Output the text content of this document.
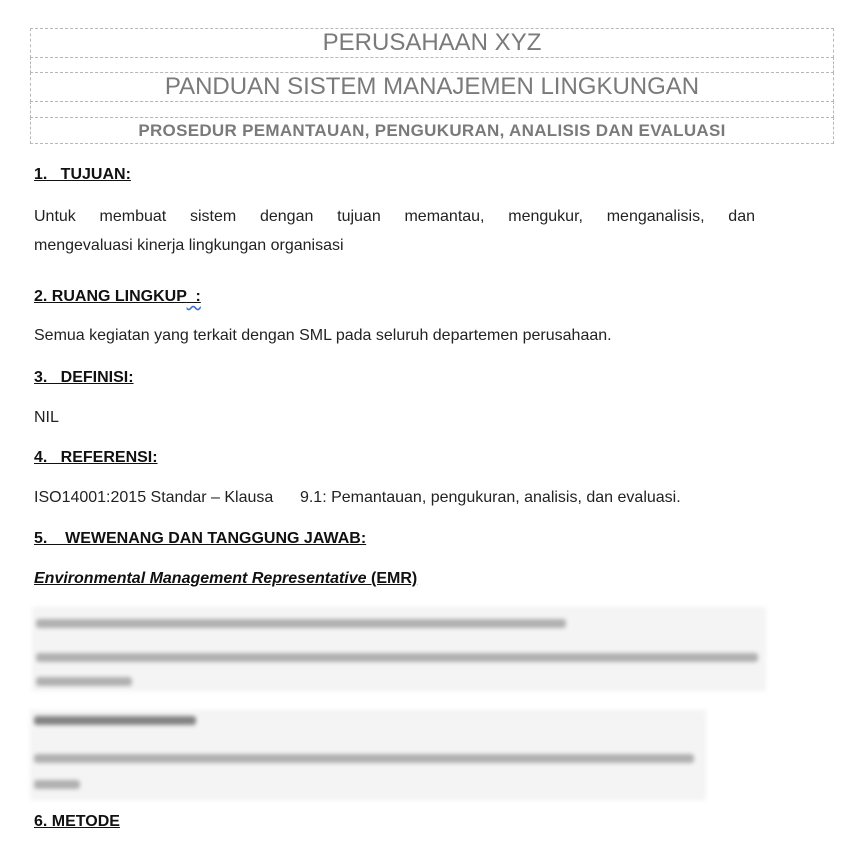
PERUSAHAAN XYZ
PANDUAN SISTEM MANAJEMEN LINGKUNGAN
PROSEDUR PEMANTAUAN, PENGUKURAN, ANALISIS DAN EVALUASI
1.   TUJUAN:
Untuk membuat sistem dengan tujuan memantau, mengukur, menganalisis, dan
mengevaluasi kinerja lingkungan organisasi
2. RUANG LINGKUP  :
Semua kegiatan yang terkait dengan SML pada seluruh departemen perusahaan.
3.   DEFINISI:
NIL
4.   REFERENSI:
ISO14001:2015 Standar – Klausa      9.1: Pemantauan, pengukuran, analisis, dan evaluasi.
5.    WEWENANG DAN TANGGUNG JAWAB:
Environmental Management Representative (EMR)
6. METODE
